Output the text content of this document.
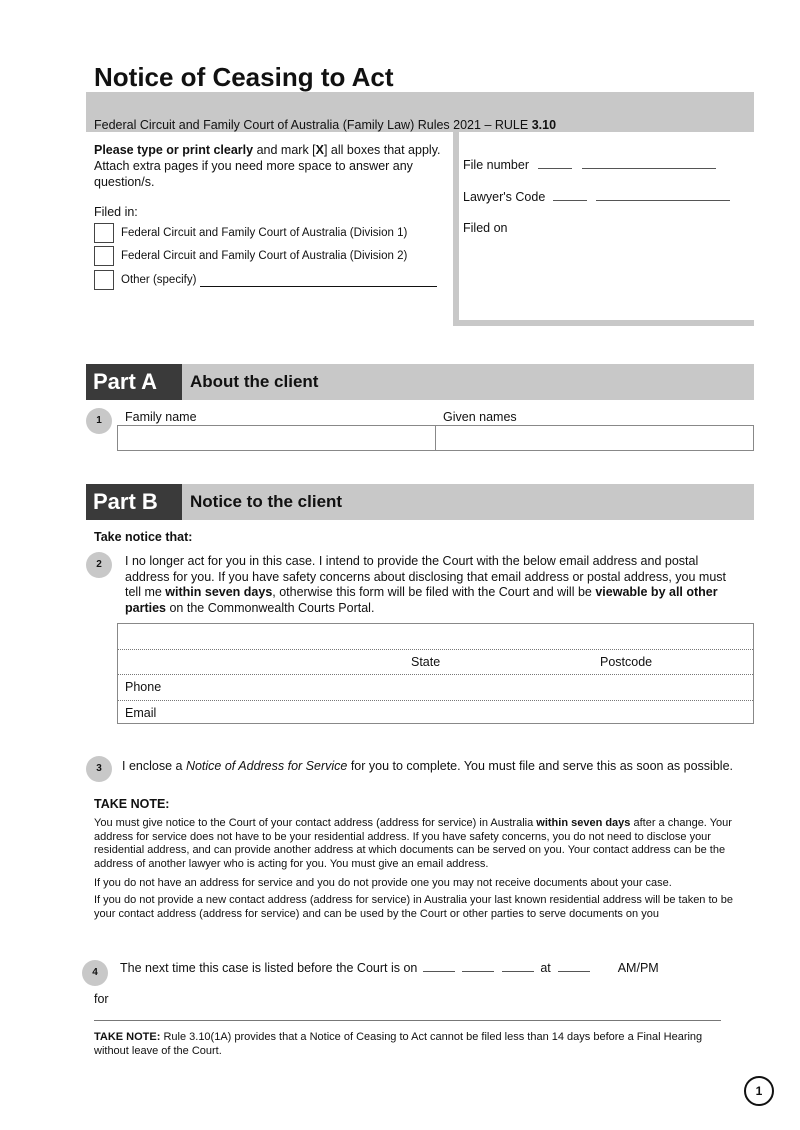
Notice of Ceasing to Act
Federal Circuit and Family Court of Australia (Family Law) Rules 2021 – RULE 3.10
Please type or print clearly and mark [X] all boxes that apply. Attach extra pages if you need more space to answer any question/s.
Filed in:
Federal Circuit and Family Court of Australia (Division 1)
Federal Circuit and Family Court of Australia (Division 2)
Other (specify)
File number
Lawyer's Code
Filed on
Part A	About the client
1	Family name	Given names
Part B	Notice to the client
Take notice that:
2	I no longer act for you in this case. I intend to provide the Court with the below email address and postal address for you. If you have safety concerns about disclosing that email address or postal address, you must tell me within seven days, otherwise this form will be filed with the Court and will be viewable by all other parties on the Commonwealth Courts Portal.
State	Postcode
Phone
Email
3	I enclose a Notice of Address for Service for you to complete. You must file and serve this as soon as possible.
TAKE NOTE:
You must give notice to the Court of your contact address (address for service) in Australia within seven days after a change. Your address for service does not have to be your residential address. If you have safety concerns, you do not need to disclose your residential address, and can provide another address at which documents can be served on you. Your contact address can be the address of another lawyer who is acting for you. You must give an email address.
If you do not have an address for service and you do not provide one you may not receive documents about your case.
If you do not provide a new contact address (address for service) in Australia your last known residential address will be taken to be your contact address (address for service) and can be used by the Court or other parties to serve documents on you
4	The next time this case is listed before the Court is on	at	AM/PM
for
TAKE NOTE: Rule 3.10(1A) provides that a Notice of Ceasing to Act cannot be filed less than 14 days before a Final Hearing without leave of the Court.
1
